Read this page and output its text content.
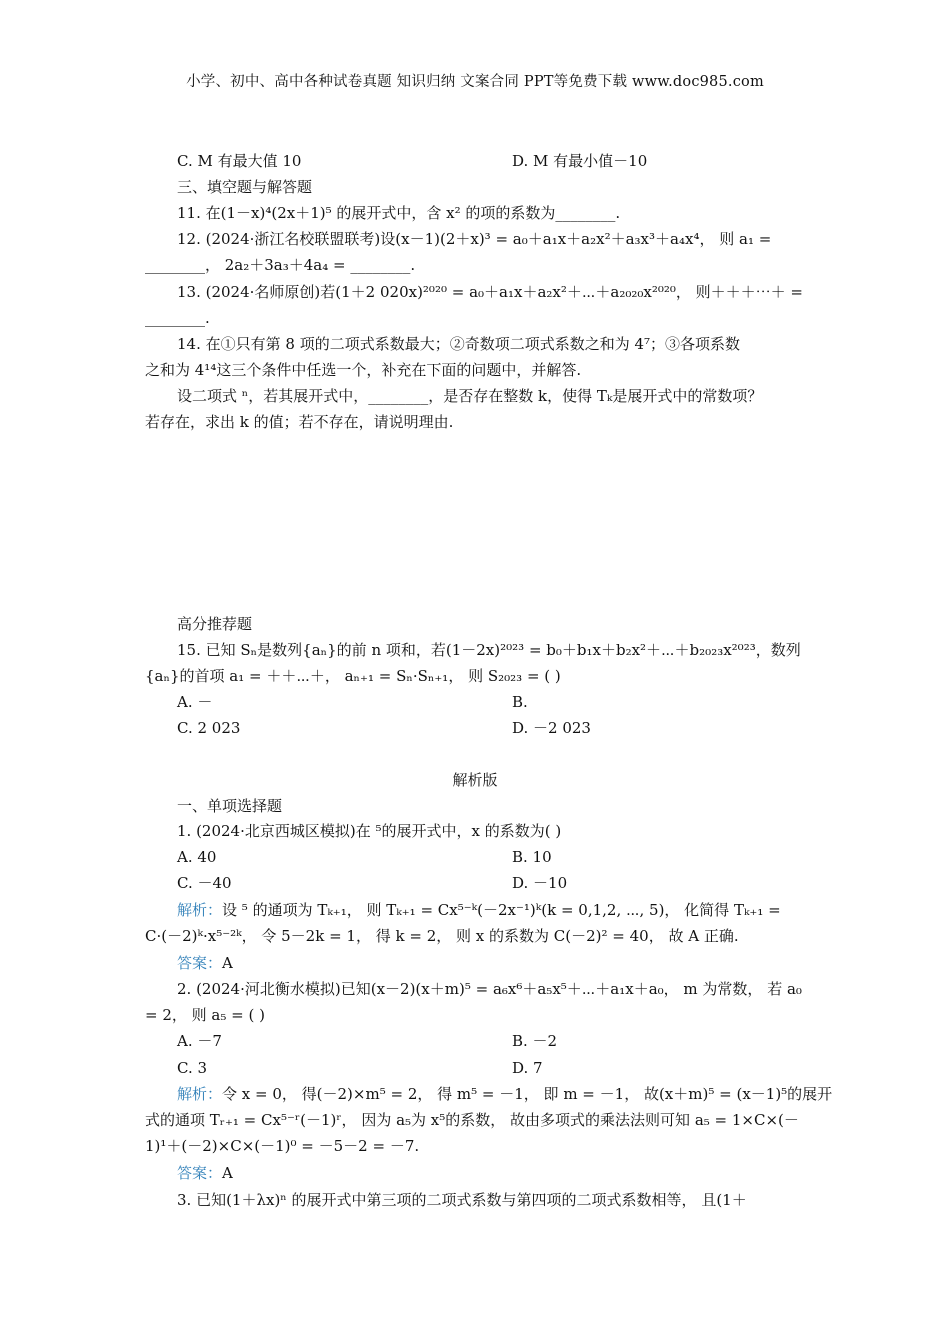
小学、初中、高中各种试卷真题 知识归纳 文案合同 PPT等免费下载 www.doc985.com
C. M 有最大值 10	D. M 有最小值－10
三、填空题与解答题
11. 在(1－x)⁴(2x＋1)⁵ 的展开式中，含 x² 的项的系数为________.
12. (2024·浙江名校联盟联考)设(x－1)(2＋x)³ = a₀＋a₁x＋a₂x²＋a₃x³＋a₄x⁴， 则 a₁ =
________， 2a₂＋3a₃＋4a₄ = ________.
13. (2024·名师原创)若(1＋2 020x)²⁰²⁰ = a₀＋a₁x＋a₂x²＋⋯＋a₂₀₂₀x²⁰²⁰， 则＋＋＋⋯＋ =
________.
14. 在①只有第 8 项的二项式系数最大；②奇数项二项式系数之和为 4⁷；③各项系数
之和为 4¹⁴这三个条件中任选一个，补充在下面的问题中，并解答.
设二项式 ⁿ，若其展开式中，________，是否存在整数 k，使得 Tₖ是展开式中的常数项？
若存在，求出 k 的值；若不存在，请说明理由.
高分推荐题
15. 已知 Sₙ是数列{aₙ}的前 n 项和，若(1－2x)²⁰²³ = b₀＋b₁x＋b₂x²＋⋯＋b₂₀₂₃x²⁰²³，数列
{aₙ}的首项 a₁ = ＋＋⋯＋， aₙ₊₁ = Sₙ·Sₙ₊₁， 则 S₂₀₂₃ = ( )
A. －	B.
C. 2 023	D. －2 023
解析版
一、单项选择题
1. (2024·北京西城区模拟)在 ⁵的展开式中，x 的系数为( )
A. 40	B. 10
C. －40	D. －10
解析：设 ⁵ 的通项为 Tₖ₊₁， 则 Tₖ₊₁ = Cx⁵⁻ᵏ(－2x⁻¹)ᵏ(k = 0,1,2, ⋯, 5)， 化简得 Tₖ₊₁ =
C·(－2)ᵏ·x⁵⁻²ᵏ， 令 5－2k = 1， 得 k = 2， 则 x 的系数为 C(－2)² = 40， 故 A 正确.
答案：A
2. (2024·河北衡水模拟)已知(x－2)(x＋m)⁵ = a₆x⁶＋a₅x⁵＋⋯＋a₁x＋a₀， m 为常数， 若 a₀
= 2， 则 a₅ = ( )
A. －7	B. －2
C. 3	D. 7
解析：令 x = 0， 得(－2)×m⁵ = 2， 得 m⁵ = －1， 即 m = －1， 故(x＋m)⁵ = (x－1)⁵的展开
式的通项 Tᵣ₊₁ = Cx⁵⁻ʳ(－1)ʳ， 因为 a₅为 x⁵的系数， 故由多项式的乘法法则可知 a₅ = 1×C×(－
1)¹＋(－2)×C×(－1)⁰ = －5－2 = －7.
答案：A
3. 已知(1＋λx)ⁿ 的展开式中第三项的二项式系数与第四项的二项式系数相等， 且(1＋
